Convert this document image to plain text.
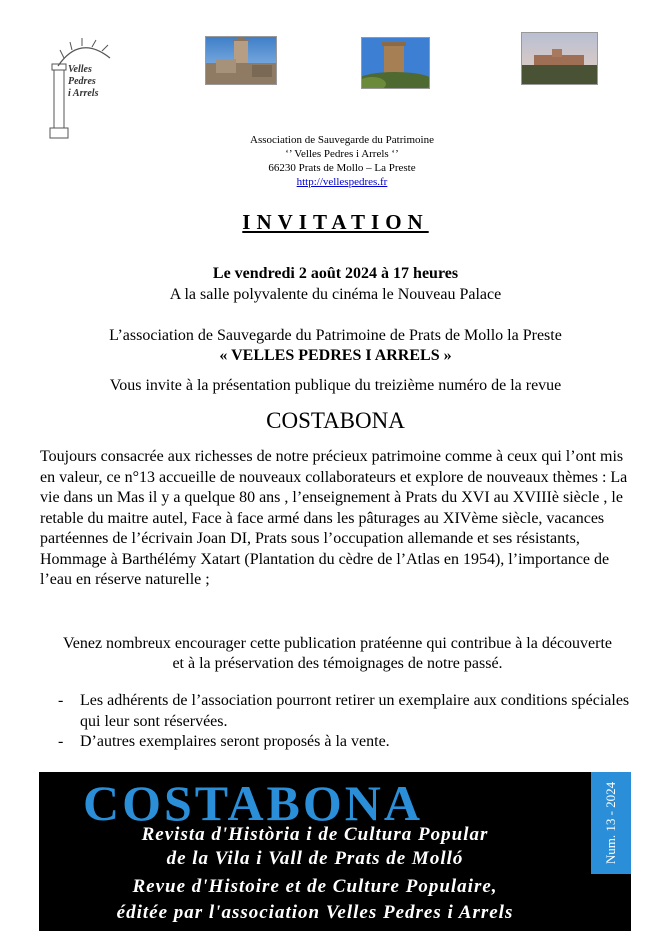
Velles
Pedres
i Arrels
Association de Sauvegarde du Patrimoine
‘’ Velles Pedres i Arrels ‘’
66230 Prats de Mollo – La Preste
http://vellespedres.fr
INVITATION
Le vendredi 2 août 2024 à 17 heures
A la salle polyvalente du cinéma le Nouveau Palace
L’association de Sauvegarde du Patrimoine de Prats de Mollo la Preste
« VELLES PEDRES I ARRELS »
Vous invite à la présentation publique du treizième numéro de la revue
COSTABONA
Toujours consacrée aux richesses de notre précieux patrimoine comme à ceux qui l’ont mis en valeur, ce n°13 accueille de nouveaux collaborateurs et explore de nouveaux thèmes : La vie dans un Mas il y a quelque 80 ans , l’enseignement à Prats du XVI au XVIIIè siècle , le retable du maitre autel, Face à face armé dans les pâturages au XIVème siècle, vacances partéennes de l’écrivain Joan DI, Prats sous l’occupation allemande et ses résistants, Hommage à Barthélémy Xatart (Plantation du cèdre de l’Atlas en 1954), l’importance de l’eau en réserve naturelle ;
Venez nombreux encourager cette publication pratéenne qui contribue à la découverte et à la préservation des témoignages de notre passé.
- Les adhérents de l’association pourront retirer un exemplaire aux conditions spéciales qui leur sont réservées.
- D’autres exemplaires seront proposés à la vente.
COSTABONA
Revista d'Història i de Cultura Popular
de la Vila i Vall de Prats de Molló
Revue d'Histoire et de Culture Populaire,
éditée par l'association Velles Pedres i Arrels
Num. 13 - 2024
